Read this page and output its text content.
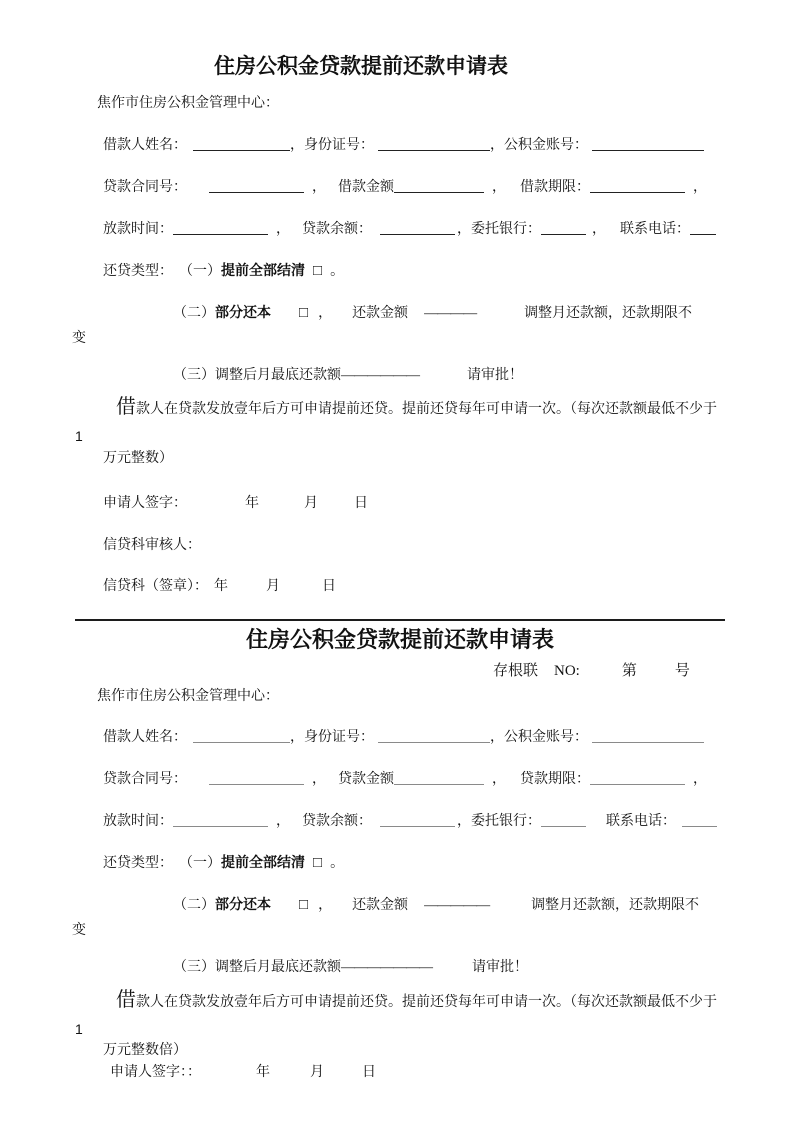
住房公积金贷款提前还款申请表
焦作市住房公积金管理中心：
借款人姓名：	，身份证号：	，公积金账号：
贷款合同号：	， 借款金额	， 借款期限：	，
放款时间：	， 贷款余额：	，委托银行：	， 联系电话：
还贷类型： （一）提前全部结清 □ 。
（二）部分还本 □ ， 还款金额 ————	调整月还款额，还款期限不
变
（三）调整后月最底还款额——————	请审批！
借款人在贷款发放壹年后方可申请提前还贷。提前还贷每年可申请一次。（每次还款额最低不少于
1
万元整数）
申请人签字：	年	月	日
信贷科审核人：
信贷科（签章）： 年	月	日
住房公积金贷款提前还款申请表
存根联 NO:	第	号
焦作市住房公积金管理中心：
借款人姓名：	，身份证号：	，公积金账号：
贷款合同号：	， 贷款金额	， 贷款期限：	，
放款时间：	， 贷款余额：	，委托银行：	联系电话：
还贷类型： （一）提前全部结清 □ 。
（二）部分还本 □ ， 还款金额 —————	调整月还款额，还款期限不
变
（三）调整后月最底还款额———————	请审批！
借款人在贷款发放壹年后方可申请提前还贷。提前还贷每年可申请一次。（每次还款额最低不少于
1
万元整数倍）
申请人签字：：	年	月	日
